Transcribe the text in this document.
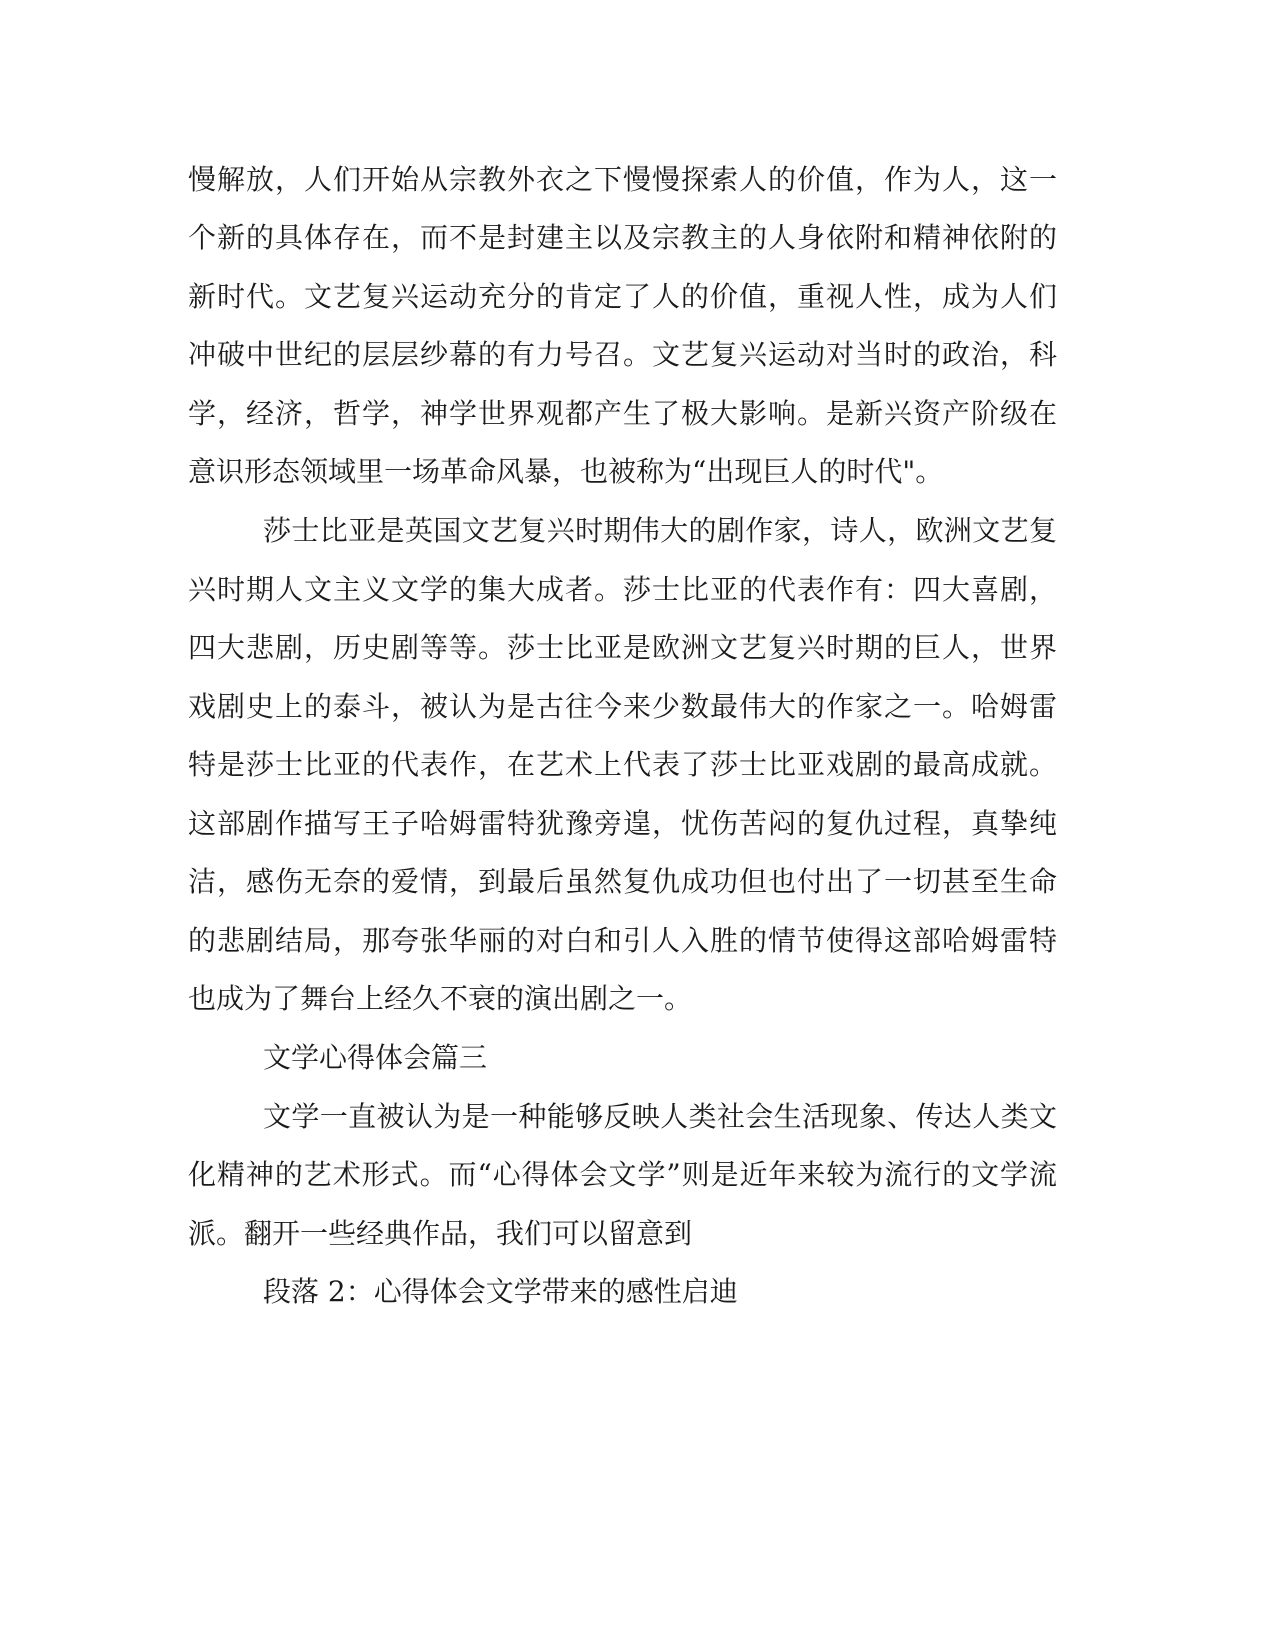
慢解放，人们开始从宗教外衣之下慢慢探索人的价值，作为人，这一

个新的具体存在，而不是封建主以及宗教主的人身依附和精神依附的

新时代。文艺复兴运动充分的肯定了人的价值，重视人性，成为人们

冲破中世纪的层层纱幕的有力号召。文艺复兴运动对当时的政治，科

学，经济，哲学，神学世界观都产生了极大影响。是新兴资产阶级在

意识形态领域里一场革命风暴，也被称为“出现巨人的时代"。

莎士比亚是英国文艺复兴时期伟大的剧作家，诗人，欧洲文艺复

兴时期人文主义文学的集大成者。莎士比亚的代表作有：四大喜剧，

四大悲剧，历史剧等等。莎士比亚是欧洲文艺复兴时期的巨人，世界

戏剧史上的泰斗，被认为是古往今来少数最伟大的作家之一。哈姆雷

特是莎士比亚的代表作，在艺术上代表了莎士比亚戏剧的最高成就。

这部剧作描写王子哈姆雷特犹豫旁遑，忧伤苦闷的复仇过程，真挚纯

洁，感伤无奈的爱情，到最后虽然复仇成功但也付出了一切甚至生命

的悲剧结局，那夸张华丽的对白和引人入胜的情节使得这部哈姆雷特

也成为了舞台上经久不衰的演出剧之一。

文学心得体会篇三

文学一直被认为是一种能够反映人类社会生活现象、传达人类文

化精神的艺术形式。而“心得体会文学”则是近年来较为流行的文学流

派。翻开一些经典作品，我们可以留意到

段落 2：心得体会文学带来的感性启迪
